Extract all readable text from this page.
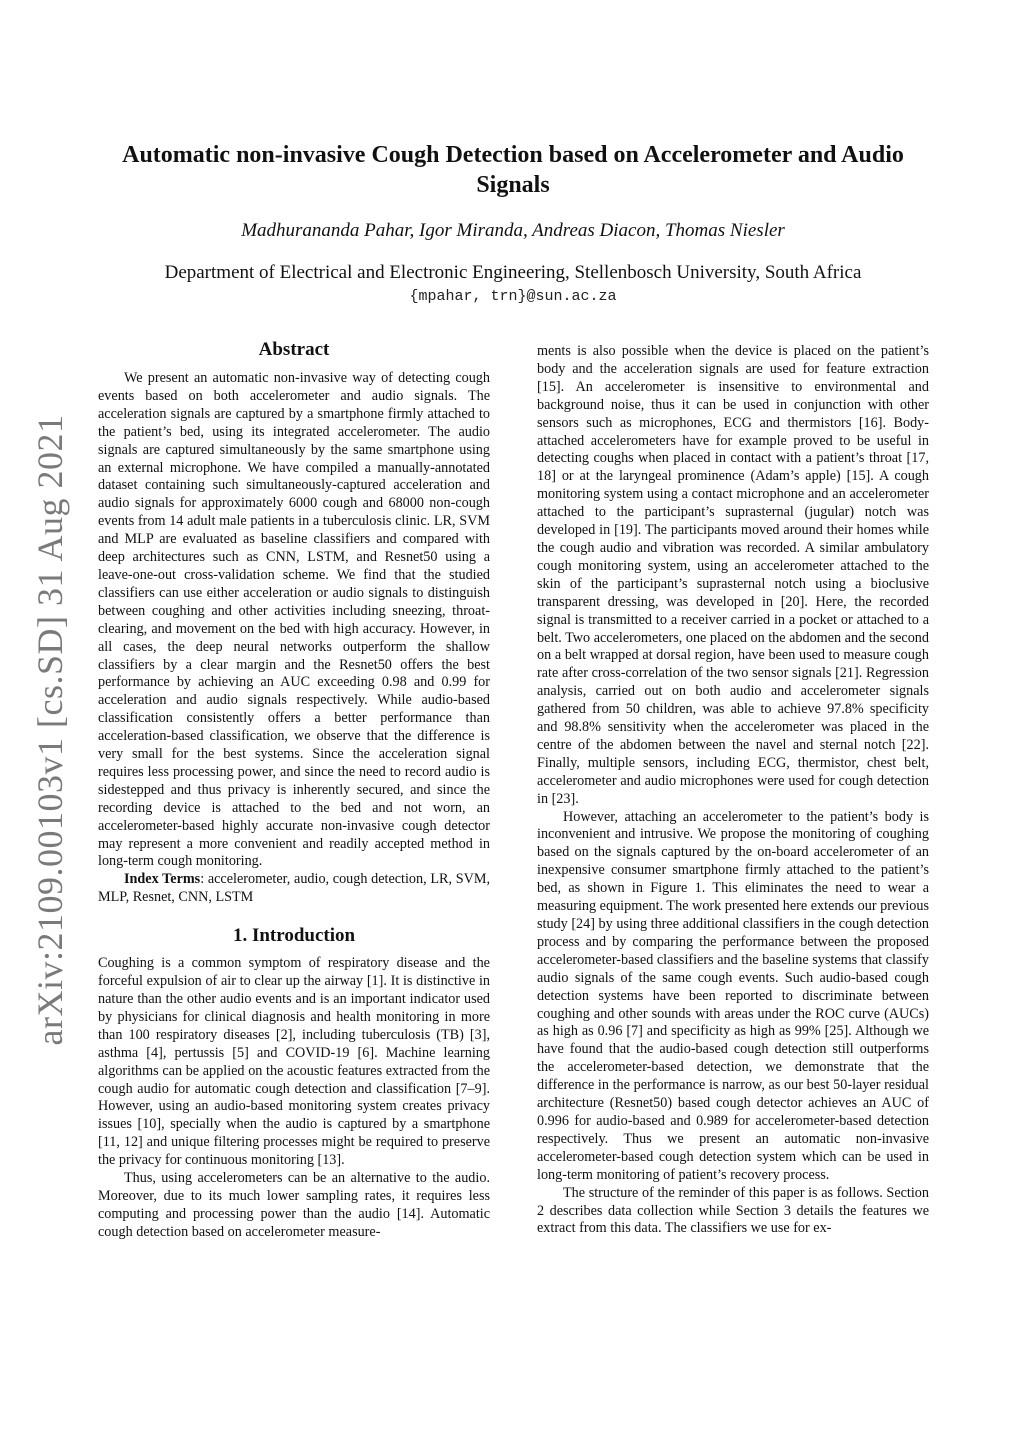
arXiv:2109.00103v1 [cs.SD] 31 Aug 2021
Automatic non-invasive Cough Detection based on Accelerometer and Audio Signals
Madhurananda Pahar, Igor Miranda, Andreas Diacon, Thomas Niesler
Department of Electrical and Electronic Engineering, Stellenbosch University, South Africa
{mpahar, trn}@sun.ac.za
Abstract

We present an automatic non-invasive way of detecting cough events based on both accelerometer and audio signals. The acceleration signals are captured by a smartphone firmly attached to the patient’s bed, using its integrated accelerometer. The audio signals are captured simultaneously by the same smartphone using an external microphone. We have compiled a manually-annotated dataset containing such simultaneously-captured acceleration and audio signals for approximately 6000 cough and 68000 non-cough events from 14 adult male patients in a tuberculosis clinic. LR, SVM and MLP are evaluated as baseline classifiers and compared with deep architectures such as CNN, LSTM, and Resnet50 using a leave-one-out cross-validation scheme. We find that the studied classifiers can use either acceleration or audio signals to distinguish between coughing and other activities including sneezing, throat-clearing, and movement on the bed with high accuracy. However, in all cases, the deep neural networks outperform the shallow classifiers by a clear margin and the Resnet50 offers the best performance by achieving an AUC exceeding 0.98 and 0.99 for acceleration and audio signals respectively. While audio-based classification consistently offers a better performance than acceleration-based classification, we observe that the difference is very small for the best systems. Since the acceleration signal requires less processing power, and since the need to record audio is sidestepped and thus privacy is inherently secured, and since the recording device is attached to the bed and not worn, an accelerometer-based highly accurate non-invasive cough detector may represent a more convenient and readily accepted method in long-term cough monitoring.

Index Terms: accelerometer, audio, cough detection, LR, SVM, MLP, Resnet, CNN, LSTM

1. Introduction

Coughing is a common symptom of respiratory disease and the forceful expulsion of air to clear up the airway [1]. It is distinctive in nature than the other audio events and is an important indicator used by physicians for clinical diagnosis and health monitoring in more than 100 respiratory diseases [2], including tuberculosis (TB) [3], asthma [4], pertussis [5] and COVID-19 [6]. Machine learning algorithms can be applied on the acoustic features extracted from the cough audio for automatic cough detection and classification [7–9]. However, using an audio-based monitoring system creates privacy issues [10], specially when the audio is captured by a smartphone [11, 12] and unique filtering processes might be required to preserve the privacy for continuous monitoring [13].

Thus, using accelerometers can be an alternative to the audio. Moreover, due to its much lower sampling rates, it requires less computing and processing power than the audio [14]. Automatic cough detection based on accelerometer measure-

ments is also possible when the device is placed on the patient’s body and the acceleration signals are used for feature extraction [15]. An accelerometer is insensitive to environmental and background noise, thus it can be used in conjunction with other sensors such as microphones, ECG and thermistors [16]. Body-attached accelerometers have for example proved to be useful in detecting coughs when placed in contact with a patient’s throat [17, 18] or at the laryngeal prominence (Adam’s apple) [15]. A cough monitoring system using a contact microphone and an accelerometer attached to the participant’s suprasternal (jugular) notch was developed in [19]. The participants moved around their homes while the cough audio and vibration was recorded. A similar ambulatory cough monitoring system, using an accelerometer attached to the skin of the participant’s suprasternal notch using a bioclusive transparent dressing, was developed in [20]. Here, the recorded signal is transmitted to a receiver carried in a pocket or attached to a belt. Two accelerometers, one placed on the abdomen and the second on a belt wrapped at dorsal region, have been used to measure cough rate after cross-correlation of the two sensor signals [21]. Regression analysis, carried out on both audio and accelerometer signals gathered from 50 children, was able to achieve 97.8% specificity and 98.8% sensitivity when the accelerometer was placed in the centre of the abdomen between the navel and sternal notch [22]. Finally, multiple sensors, including ECG, thermistor, chest belt, accelerometer and audio microphones were used for cough detection in [23].

However, attaching an accelerometer to the patient’s body is inconvenient and intrusive. We propose the monitoring of coughing based on the signals captured by the on-board accelerometer of an inexpensive consumer smartphone firmly attached to the patient’s bed, as shown in Figure 1. This eliminates the need to wear a measuring equipment. The work presented here extends our previous study [24] by using three additional classifiers in the cough detection process and by comparing the performance between the proposed accelerometer-based classifiers and the baseline systems that classify audio signals of the same cough events. Such audio-based cough detection systems have been reported to discriminate between coughing and other sounds with areas under the ROC curve (AUCs) as high as 0.96 [7] and specificity as high as 99% [25]. Although we have found that the audio-based cough detection still outperforms the accelerometer-based detection, we demonstrate that the difference in the performance is narrow, as our best 50-layer residual architecture (Resnet50) based cough detector achieves an AUC of 0.996 for audio-based and 0.989 for accelerometer-based detection respectively. Thus we present an automatic non-invasive accelerometer-based cough detection system which can be used in long-term monitoring of patient’s recovery process.

The structure of the reminder of this paper is as follows. Section 2 describes data collection while Section 3 details the features we extract from this data. The classifiers we use for ex-
